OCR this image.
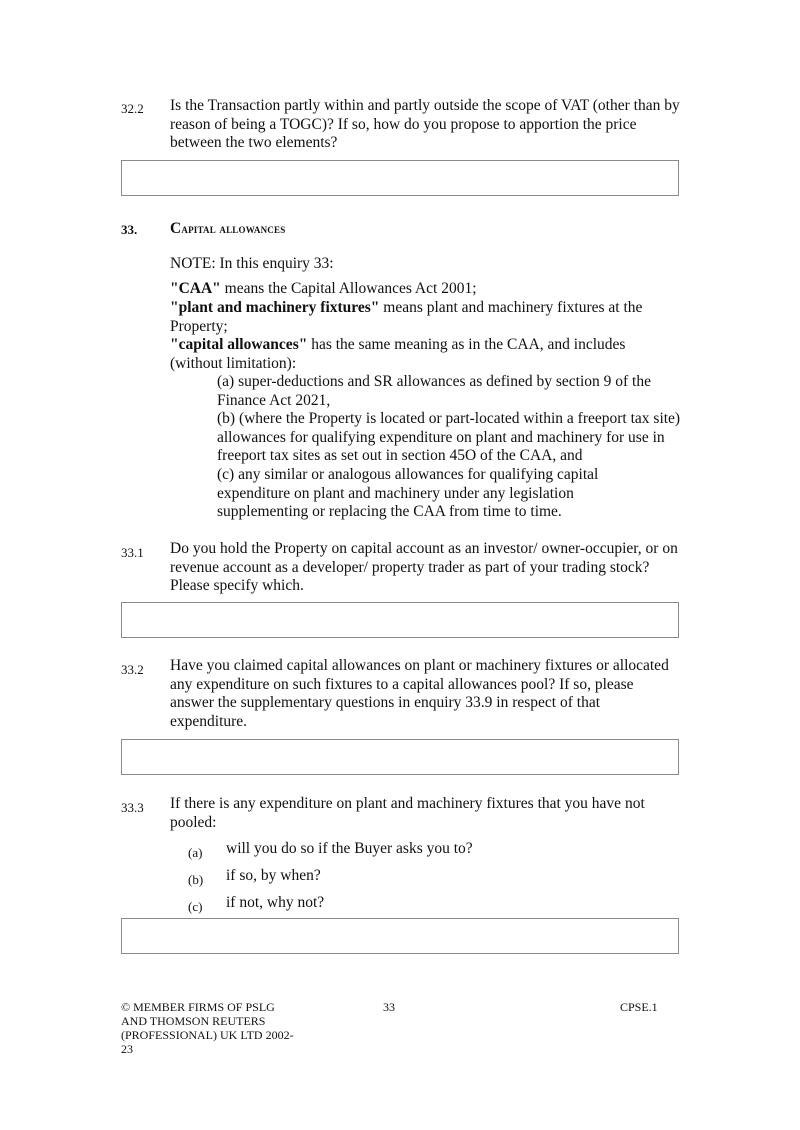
32.2 Is the Transaction partly within and partly outside the scope of VAT (other than by reason of being a TOGC)? If so, how do you propose to apportion the price between the two elements?
33. Capital allowances
NOTE: In this enquiry 33:
"CAA" means the Capital Allowances Act 2001;
"plant and machinery fixtures" means plant and machinery fixtures at the Property;
"capital allowances" has the same meaning as in the CAA, and includes (without limitation):
(a) super-deductions and SR allowances as defined by section 9 of the Finance Act 2021,
(b) (where the Property is located or part-located within a freeport tax site) allowances for qualifying expenditure on plant and machinery for use in freeport tax sites as set out in section 45O of the CAA, and
(c) any similar or analogous allowances for qualifying capital expenditure on plant and machinery under any legislation supplementing or replacing the CAA from time to time.
33.1 Do you hold the Property on capital account as an investor/ owner-occupier, or on revenue account as a developer/ property trader as part of your trading stock? Please specify which.
33.2 Have you claimed capital allowances on plant or machinery fixtures or allocated any expenditure on such fixtures to a capital allowances pool? If so, please answer the supplementary questions in enquiry 33.9 in respect of that expenditure.
33.3 If there is any expenditure on plant and machinery fixtures that you have not pooled:
(a) will you do so if the Buyer asks you to?
(b) if so, by when?
(c) if not, why not?
© MEMBER FIRMS OF PSLG AND THOMSON REUTERS (PROFESSIONAL) UK LTD 2002-23
33	CPSE.1
